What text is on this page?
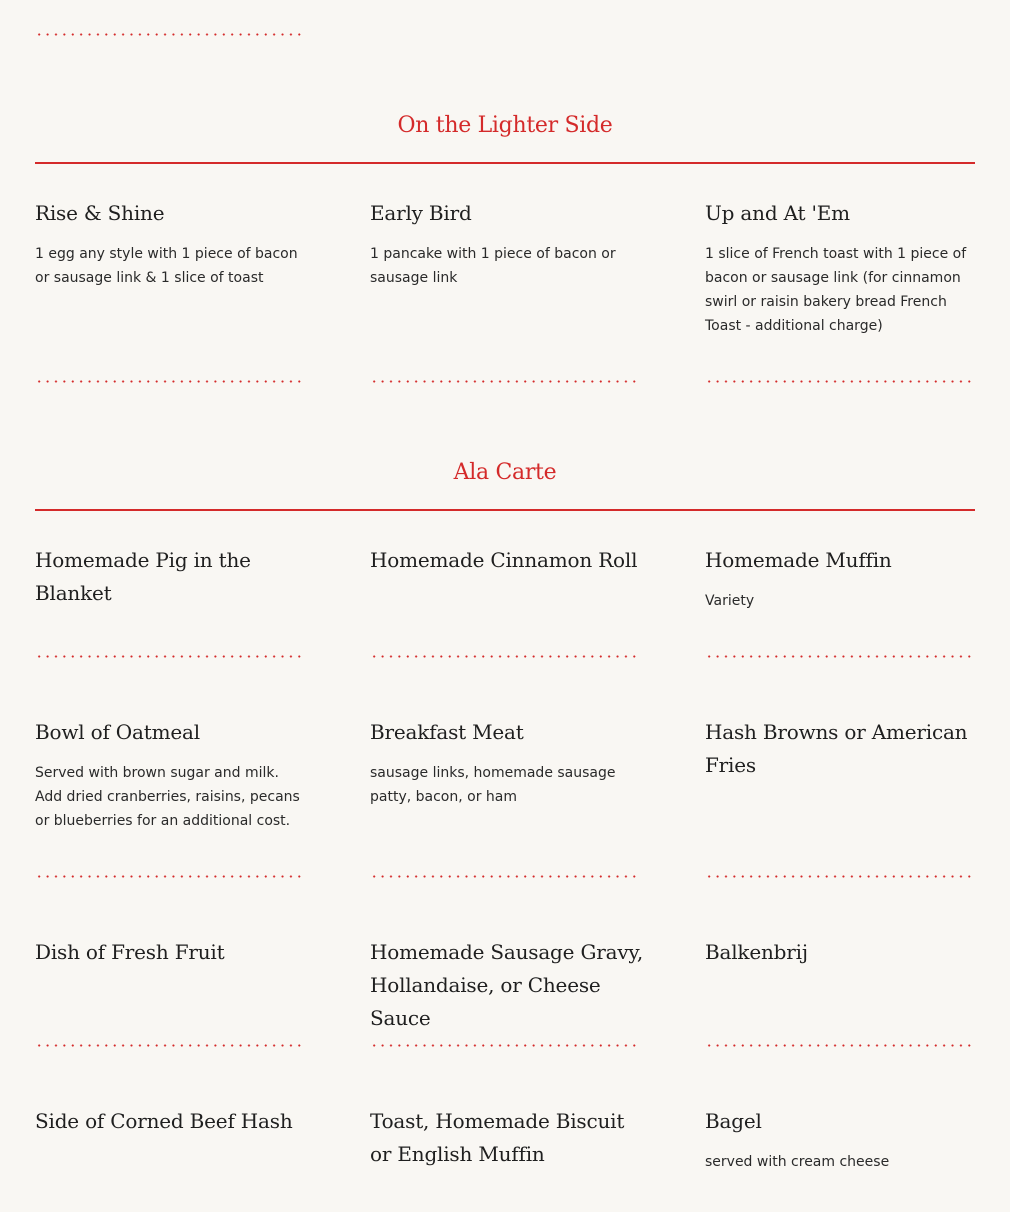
On the Lighter Side
Rise & Shine

1 egg any style with 1 piece of bacon or sausage link & 1 slice of toast

Early Bird

1 pancake with 1 piece of bacon or sausage link

Up and At 'Em

1 slice of French toast with 1 piece of bacon or sausage link (for cinnamon swirl or raisin bakery bread French Toast - additional charge)

Ala Carte
Homemade Pig in the Blanket
Homemade Cinnamon Roll	Homemade Muffin

Variety

Bowl of Oatmeal

Served with brown sugar and milk. Add dried cranberries, raisins, pecans or blueberries for an additional cost.

Breakfast Meat

sausage links, homemade sausage patty, bacon, or ham

Hash Browns or American Fries
Dish of Fresh Fruit	Homemade Sausage Gravy, Hollandaise, or Cheese Sauce
Balkenbrij
Side of Corned Beef Hash	Toast, Homemade Biscuit or English Muffin
Bagel

served with cream cheese
